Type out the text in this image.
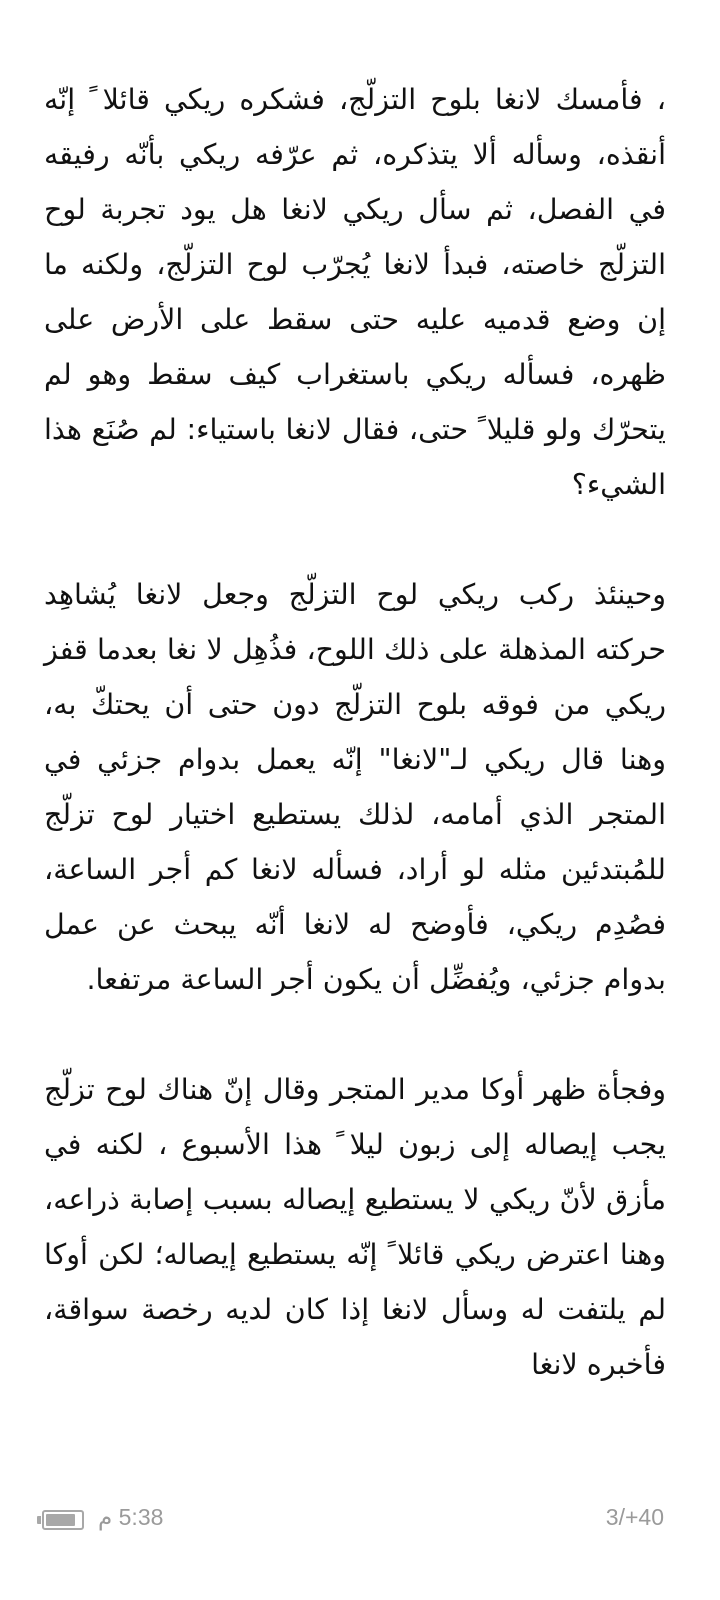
، فأمسك لانغا بلوح التزلّج، فشكره ريكي قائلا ً إنّه أنقذه، وسأله ألا يتذكره، ثم عرّفه ريكي بأنّه رفيقه في الفصل، ثم سأل ريكي لانغا هل يود تجربة لوح التزلّج خاصته، فبدأ لانغا يُجرّب لوح التزلّج، ولكنه ما إن وضع قدميه عليه حتى سقط على الأرض على ظهره، فسأله ريكي باستغراب كيف سقط وهو لم يتحرّك ولو قليلا ً حتى، فقال لانغا باستياء: لم صُنَع هذا الشيء؟

وحينئذ ركب ريكي لوح التزلّج وجعل لانغا يُشاهِد حركته المذهلة على ذلك اللوح، فذُهِل لا نغا بعدما قفز ريكي من فوقه بلوح التزلّج دون حتى أن يحتكّ به، وهنا قال ريكي لـ"لانغا" إنّه يعمل بدوام جزئي في المتجر الذي أمامه، لذلك يستطيع اختيار لوح تزلّج للمُبتدئين مثله لو أراد، فسأله لانغا كم أجر الساعة، فصُدِم ريكي، فأوضح له لانغا أنّه يبحث عن عمل بدوام جزئي، ويُفضِّل أن يكون أجر الساعة مرتفعا.

وفجأة ظهر أوكا مدير المتجر وقال إنّ هناك لوح تزلّج يجب إيصاله إلى زبون ليلا ً هذا الأسبوع ، لكنه في مأزق لأنّ ريكي لا يستطيع إيصاله بسبب إصابة ذراعه، وهنا اعترض ريكي قائلا ً إنّه يستطيع إيصاله؛ لكن أوكا لم يلتفت له وسأل لانغا إذا كان لديه رخصة سواقة، فأخبره لانغا

5:38 م	3/+40
